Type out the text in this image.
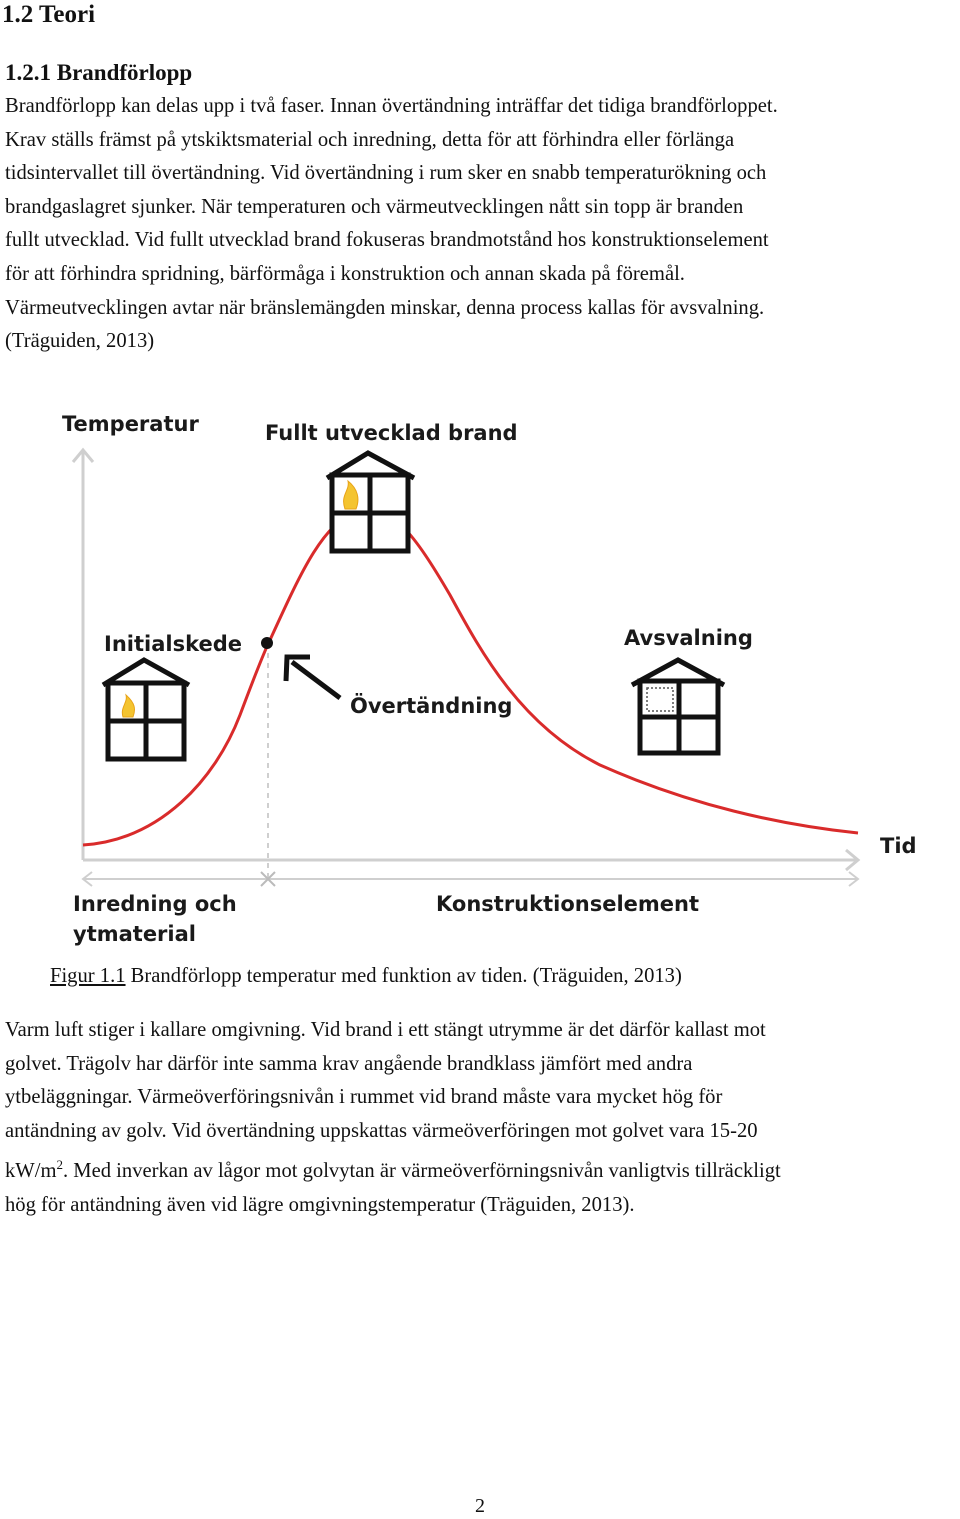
1.2 Teori
1.2.1 Brandförlopp

Brandförlopp kan delas upp i två faser. Innan övertändning inträffar det tidiga brandförloppet.

Krav ställs främst på ytskiktsmaterial och inredning, detta för att förhindra eller förlänga

tidsintervallet till övertändning. Vid övertändning i rum sker en snabb temperaturökning och

brandgaslagret sjunker. När temperaturen och värmeutvecklingen nått sin topp är branden

fullt utvecklad. Vid fullt utvecklad brand fokuseras brandmotstånd hos konstruktionselement

för att förhindra spridning, bärförmåga i konstruktion och annan skada på föremål.

Värmeutvecklingen avtar när bränslemängden minskar, denna process kallas för avsvalning.

(Träguiden, 2013)

Temperatur	Fullt utvecklad brand
Initialskede
Övertändning
Avsvalning
Tid
Inredning och
ytmaterial
Konstruktionselement
Figur 1.1 Brandförlopp temperatur med funktion av tiden. (Träguiden, 2013)

Varm luft stiger i kallare omgivning. Vid brand i ett stängt utrymme är det därför kallast mot

golvet. Trägolv har därför inte samma krav angående brandklass jämfört med andra

ytbeläggningar. Värmeöverföringsnivån i rummet vid brand måste vara mycket hög för

antändning av golv. Vid övertändning uppskattas värmeöverföringen mot golvet vara 15-20

$kW/m^2$. Med inverkan av lågor mot golvytan är värmeöverförningsnivån vanligtvis tillräckligt

hög för antändning även vid lägre omgivningstemperatur (Träguiden, 2013).

2
